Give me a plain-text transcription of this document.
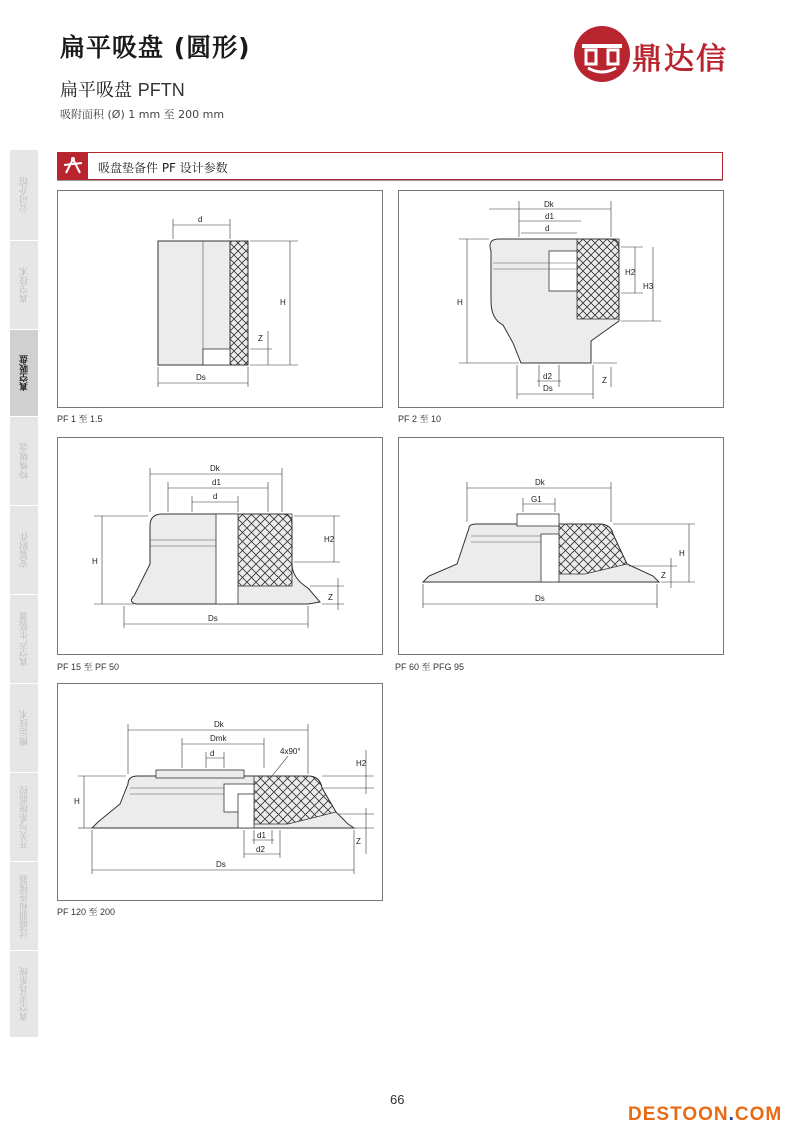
扁平吸盘 (圆形)
扁平吸盘 PFTN
吸附面积 (Ø) 1 mm 至 200 mm
鼎达信
公司介绍
真空技术
真空吸盘
特殊吸盘
安装附件
真空产生装置
搬运技术
开关与系统监控
过滤器和连接器
真空夹具系统
吸盘垫备件 PF 设计参数
d
H
Z
Ds
PF 1 至 1.5
Dk
d1
d
H
H2
H3
Z
d2
Ds
PF 2 至 10
Dk
d1
d
H
H2
Z
Ds
PF 15 至 PF 50
Dk
G1
H
Z
Ds
PF 60 至 PFG 95
Dk
Dmk
d	4x90°
H
H2
Z
d1
d2
Ds
PF 120 至 200
66
DESTOON.COM
